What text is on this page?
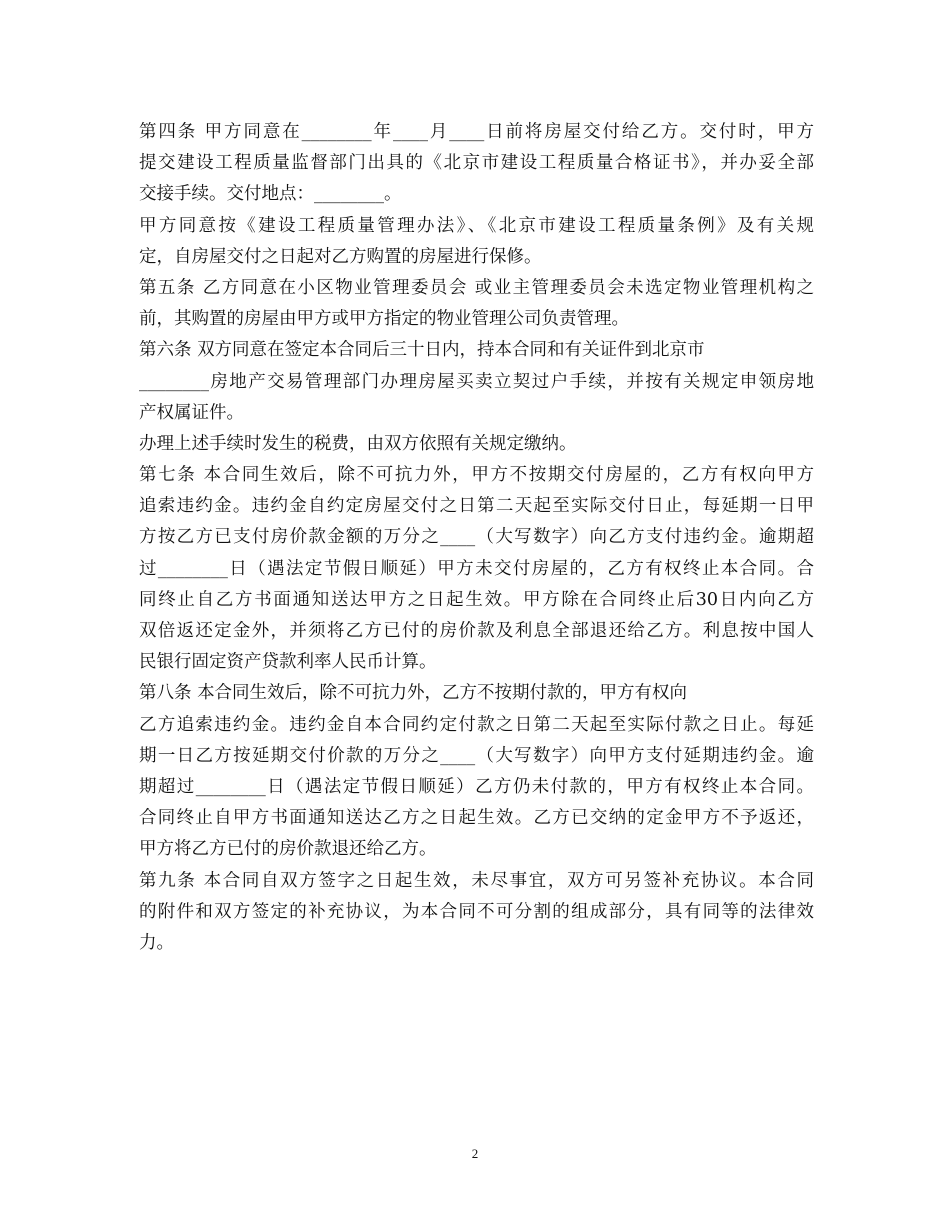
第四条 甲方同意在________年____月____日前将房屋交付给乙方。交付时，甲方
提交建设工程质量监督部门出具的《北京市建设工程质量合格证书》，并办妥全部
交接手续。交付地点：________。
甲方同意按《建设工程质量管理办法》、《北京市建设工程质量条例》及有关规
定，自房屋交付之日起对乙方购置的房屋进行保修。
第五条 乙方同意在小区物业管理委员会 或业主管理委员会未选定物业管理机构之
前，其购置的房屋由甲方或甲方指定的物业管理公司负责管理。
第六条 双方同意在签定本合同后三十日内，持本合同和有关证件到北京市
________房地产交易管理部门办理房屋买卖立契过户手续，并按有关规定申领房地
产权属证件。
办理上述手续时发生的税费，由双方依照有关规定缴纳。
第七条 本合同生效后，除不可抗力外，甲方不按期交付房屋的，乙方有权向甲方
追索违约金。违约金自约定房屋交付之日第二天起至实际交付日止，每延期一日甲
方按乙方已支付房价款金额的万分之____（大写数字）向乙方支付违约金。逾期超
过________日（遇法定节假日顺延）甲方未交付房屋的，乙方有权终止本合同。合
同终止自乙方书面通知送达甲方之日起生效。甲方除在合同终止后30日内向乙方
双倍返还定金外，并须将乙方已付的房价款及利息全部退还给乙方。利息按中国人
民银行固定资产贷款利率人民币计算。
第八条 本合同生效后，除不可抗力外，乙方不按期付款的，甲方有权向
乙方追索违约金。违约金自本合同约定付款之日第二天起至实际付款之日止。每延
期一日乙方按延期交付价款的万分之____（大写数字）向甲方支付延期违约金。逾
期超过________日（遇法定节假日顺延）乙方仍未付款的，甲方有权终止本合同。
合同终止自甲方书面通知送达乙方之日起生效。乙方已交纳的定金甲方不予返还，
甲方将乙方已付的房价款退还给乙方。
第九条 本合同自双方签字之日起生效，未尽事宜，双方可另签补充协议。本合同
的附件和双方签定的补充协议，为本合同不可分割的组成部分，具有同等的法律效
力。
2
